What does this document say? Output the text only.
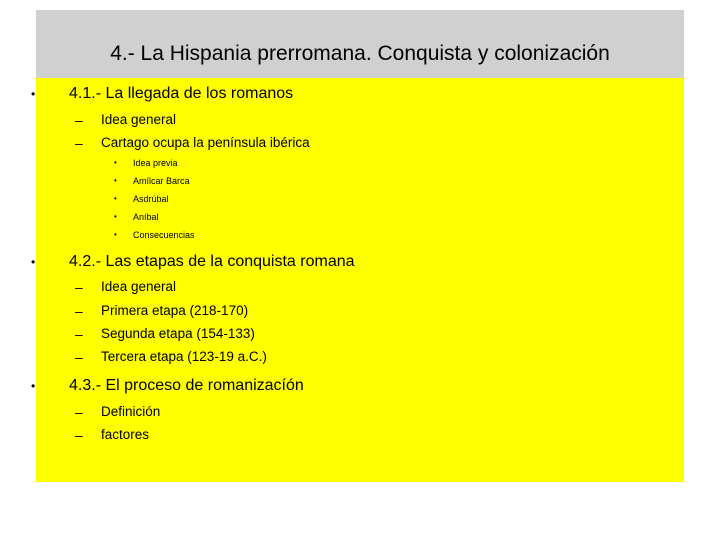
4.- La Hispania prerromana. Conquista y colonización
• 4.1.- La llegada de los romanos
– Idea general
– Cartago ocupa la península ibérica
• Idea previa
• Amílcar Barca
• Asdrúbal
• Aníbal
• Consecuencias
• 4.2.- Las etapas de la conquista romana
– Idea general
– Primera etapa (218-170)
– Segunda etapa (154-133)
– Tercera etapa (123-19 a.C.)
• 4.3.- El proceso de romanizacíón
– Definición
– factores
